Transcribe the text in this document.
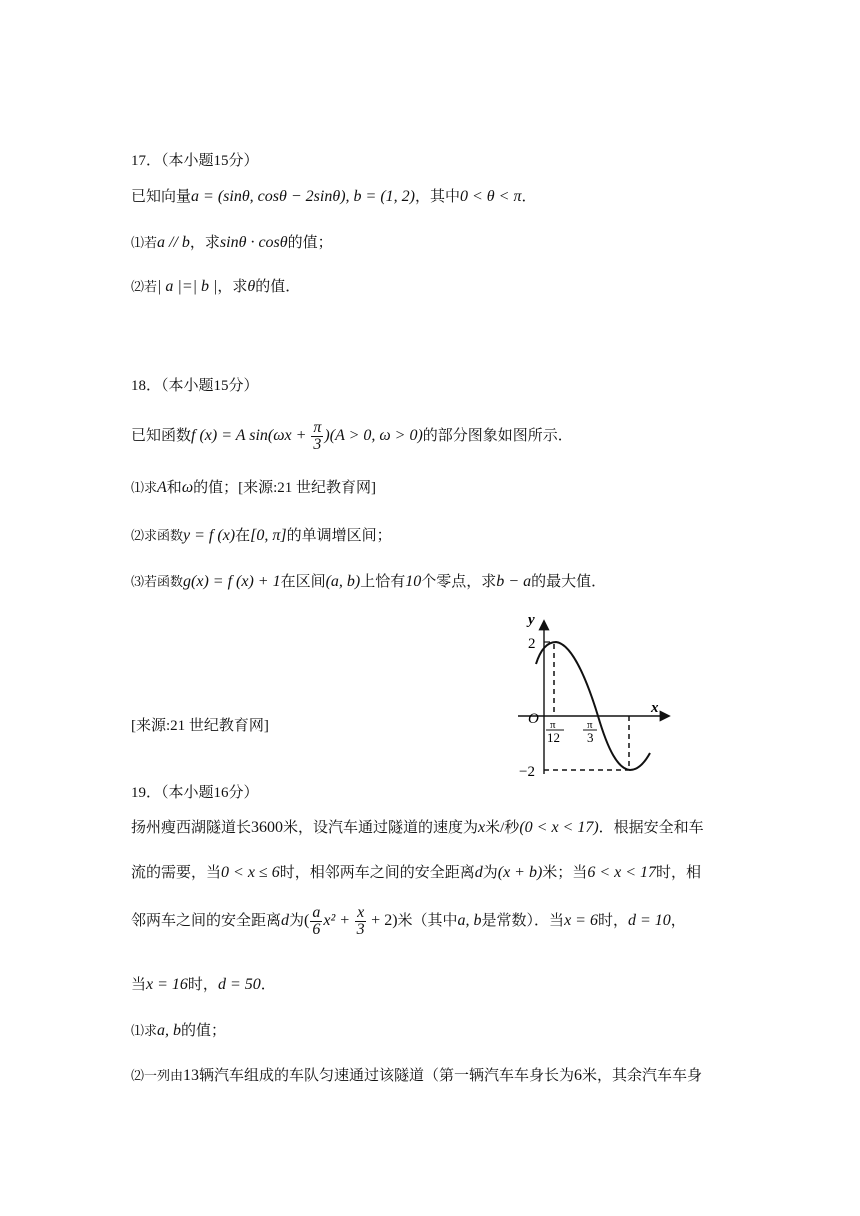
17．（本小题15分）
已知向量a = (sinθ, cosθ − 2sinθ), b = (1, 2)，其中0 < θ < π．
⑴若a // b，求sinθ · cosθ的值；
⑵若| a |=| b |，求θ的值．
18．（本小题15分）
已知函数f (x) = A $\sin(\omega x + \frac{\pi}{3} )(A > 0$, ω > 0)的部分图象如图所示．
⑴求A和ω的值；[来源:21 世纪教育网]
⑵求函数y = f (x)在[0, π]的单调增区间；
⑶若函数g(x) = f (x) + 1在区间(a, b)上恰有10个零点，求b − a的最大值．
[来源:21 世纪教育网]
y
x
O
2
−2
π
12
π
3
19．（本小题16分）
扬州瘦西湖隧道长3600米，设汽车通过隧道的速度为x米/秒(0 < x < 17)．根据安全和车
流的需要，当0 < x ≤ 6时，相邻两车之间的安全距离d为(x + b)米；当6 < x < 17时，相
邻两车之间的安全距离d为( $\frac{a}{6} x^2 + \frac{x}{3} + 2$)米（其中a, b是常数）．当x = 6时，d = 10，
当x = 16时，d = 50．
⑴求a, b的值；
⑵一列由13辆汽车组成的车队匀速通过该隧道（第一辆汽车车身长为6米，其余汽车车身
